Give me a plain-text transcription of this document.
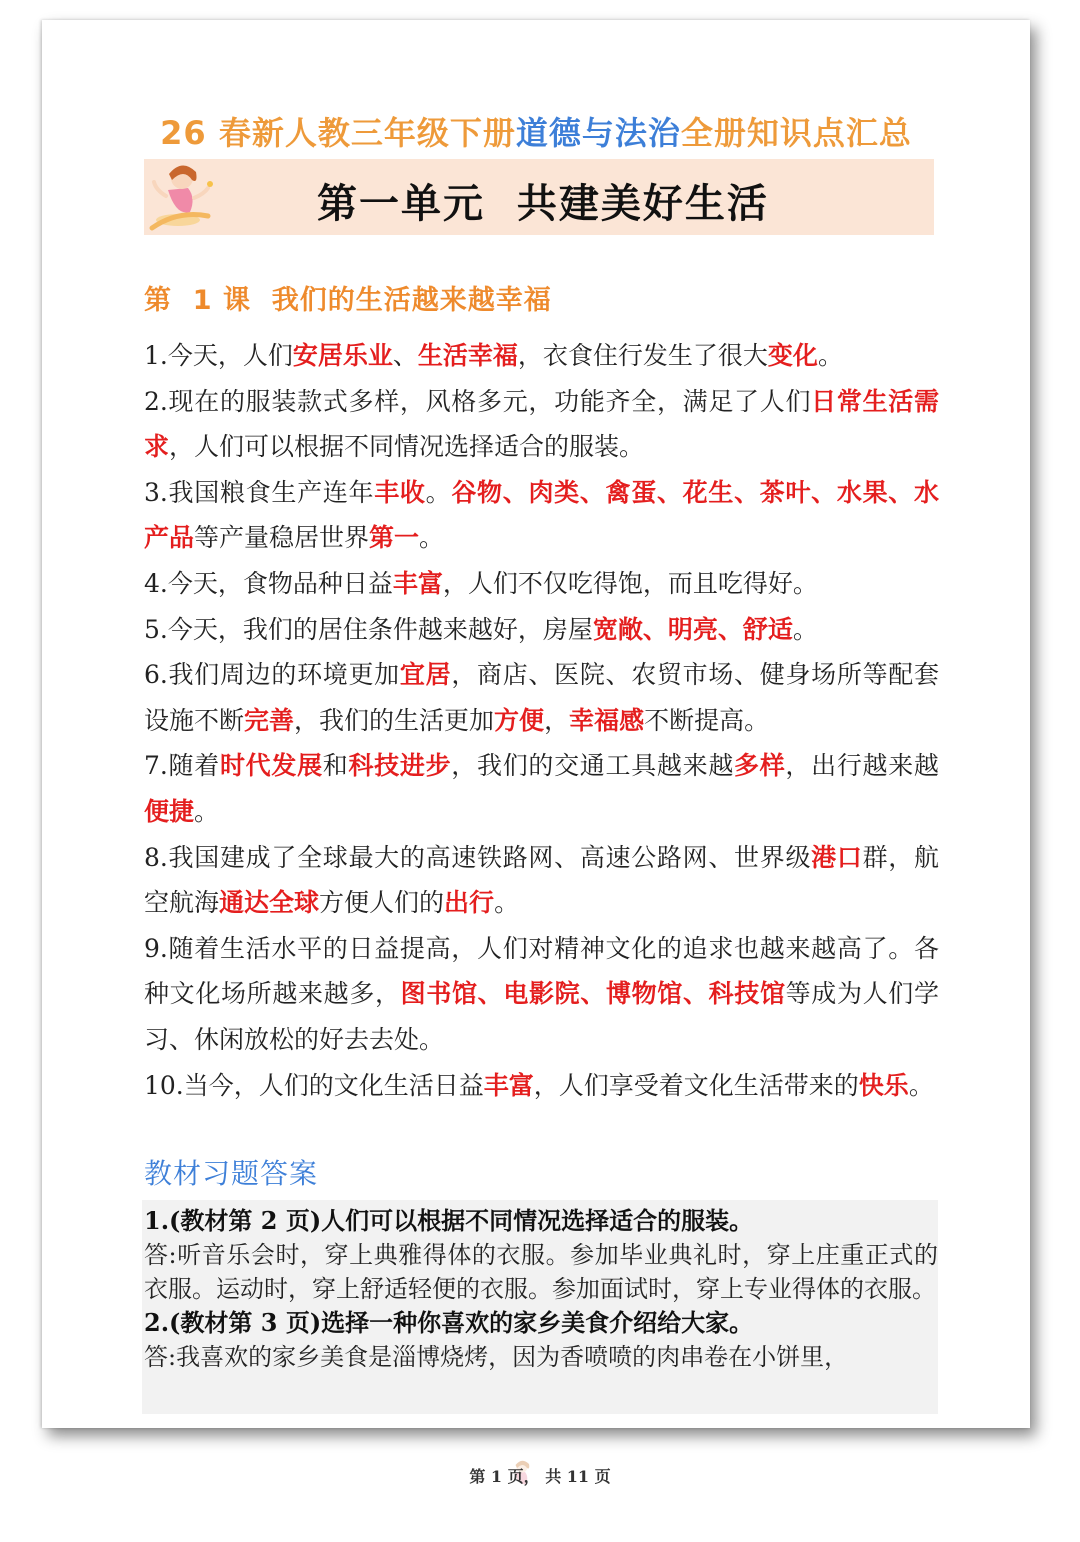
26 春新人教三年级下册道德与法治全册知识点汇总
第一单元  共建美好生活
第  1 课  我们的生活越来越幸福

1.今天，人们安居乐业、生活幸福，衣食住行发生了很大变化。

2.现在的服装款式多样，风格多元，功能齐全，满足了人们日常生活需求，人们可以根据不同情况选择适合的服装。

3.我国粮食生产连年丰收。谷物、肉类、禽蛋、花生、茶叶、水果、水产品等产量稳居世界第一。

4.今天，食物品种日益丰富，人们不仅吃得饱，而且吃得好。

5.今天，我们的居住条件越来越好，房屋宽敞、明亮、舒适。

6.我们周边的环境更加宜居，商店、医院、农贸市场、健身场所等配套设施不断完善，我们的生活更加方便，幸福感不断提高。

7.随着时代发展和科技进步，我们的交通工具越来越多样，出行越来越便捷。

8.我国建成了全球最大的高速铁路网、高速公路网、世界级港口群，航空航海通达全球方便人们的出行。

9.随着生活水平的日益提高，人们对精神文化的追求也越来越高了。各种文化场所越来越多，图书馆、电影院、博物馆、科技馆等成为人们学习、休闲放松的好去去处。

10.当今，人们的文化生活日益丰富，人们享受着文化生活带来的快乐。

教材习题答案

1.(教材第 2 页)人们可以根据不同情况选择适合的服装。

答:听音乐会时，穿上典雅得体的衣服。参加毕业典礼时，穿上庄重正式的衣服。运动时，穿上舒适轻便的衣服。参加面试时，穿上专业得体的衣服。

2.(教材第 3 页)选择一种你喜欢的家乡美食介绍给大家。

答:我喜欢的家乡美食是淄博烧烤，因为香喷喷的肉串卷在小饼里，

第 1 页， 共 11 页
